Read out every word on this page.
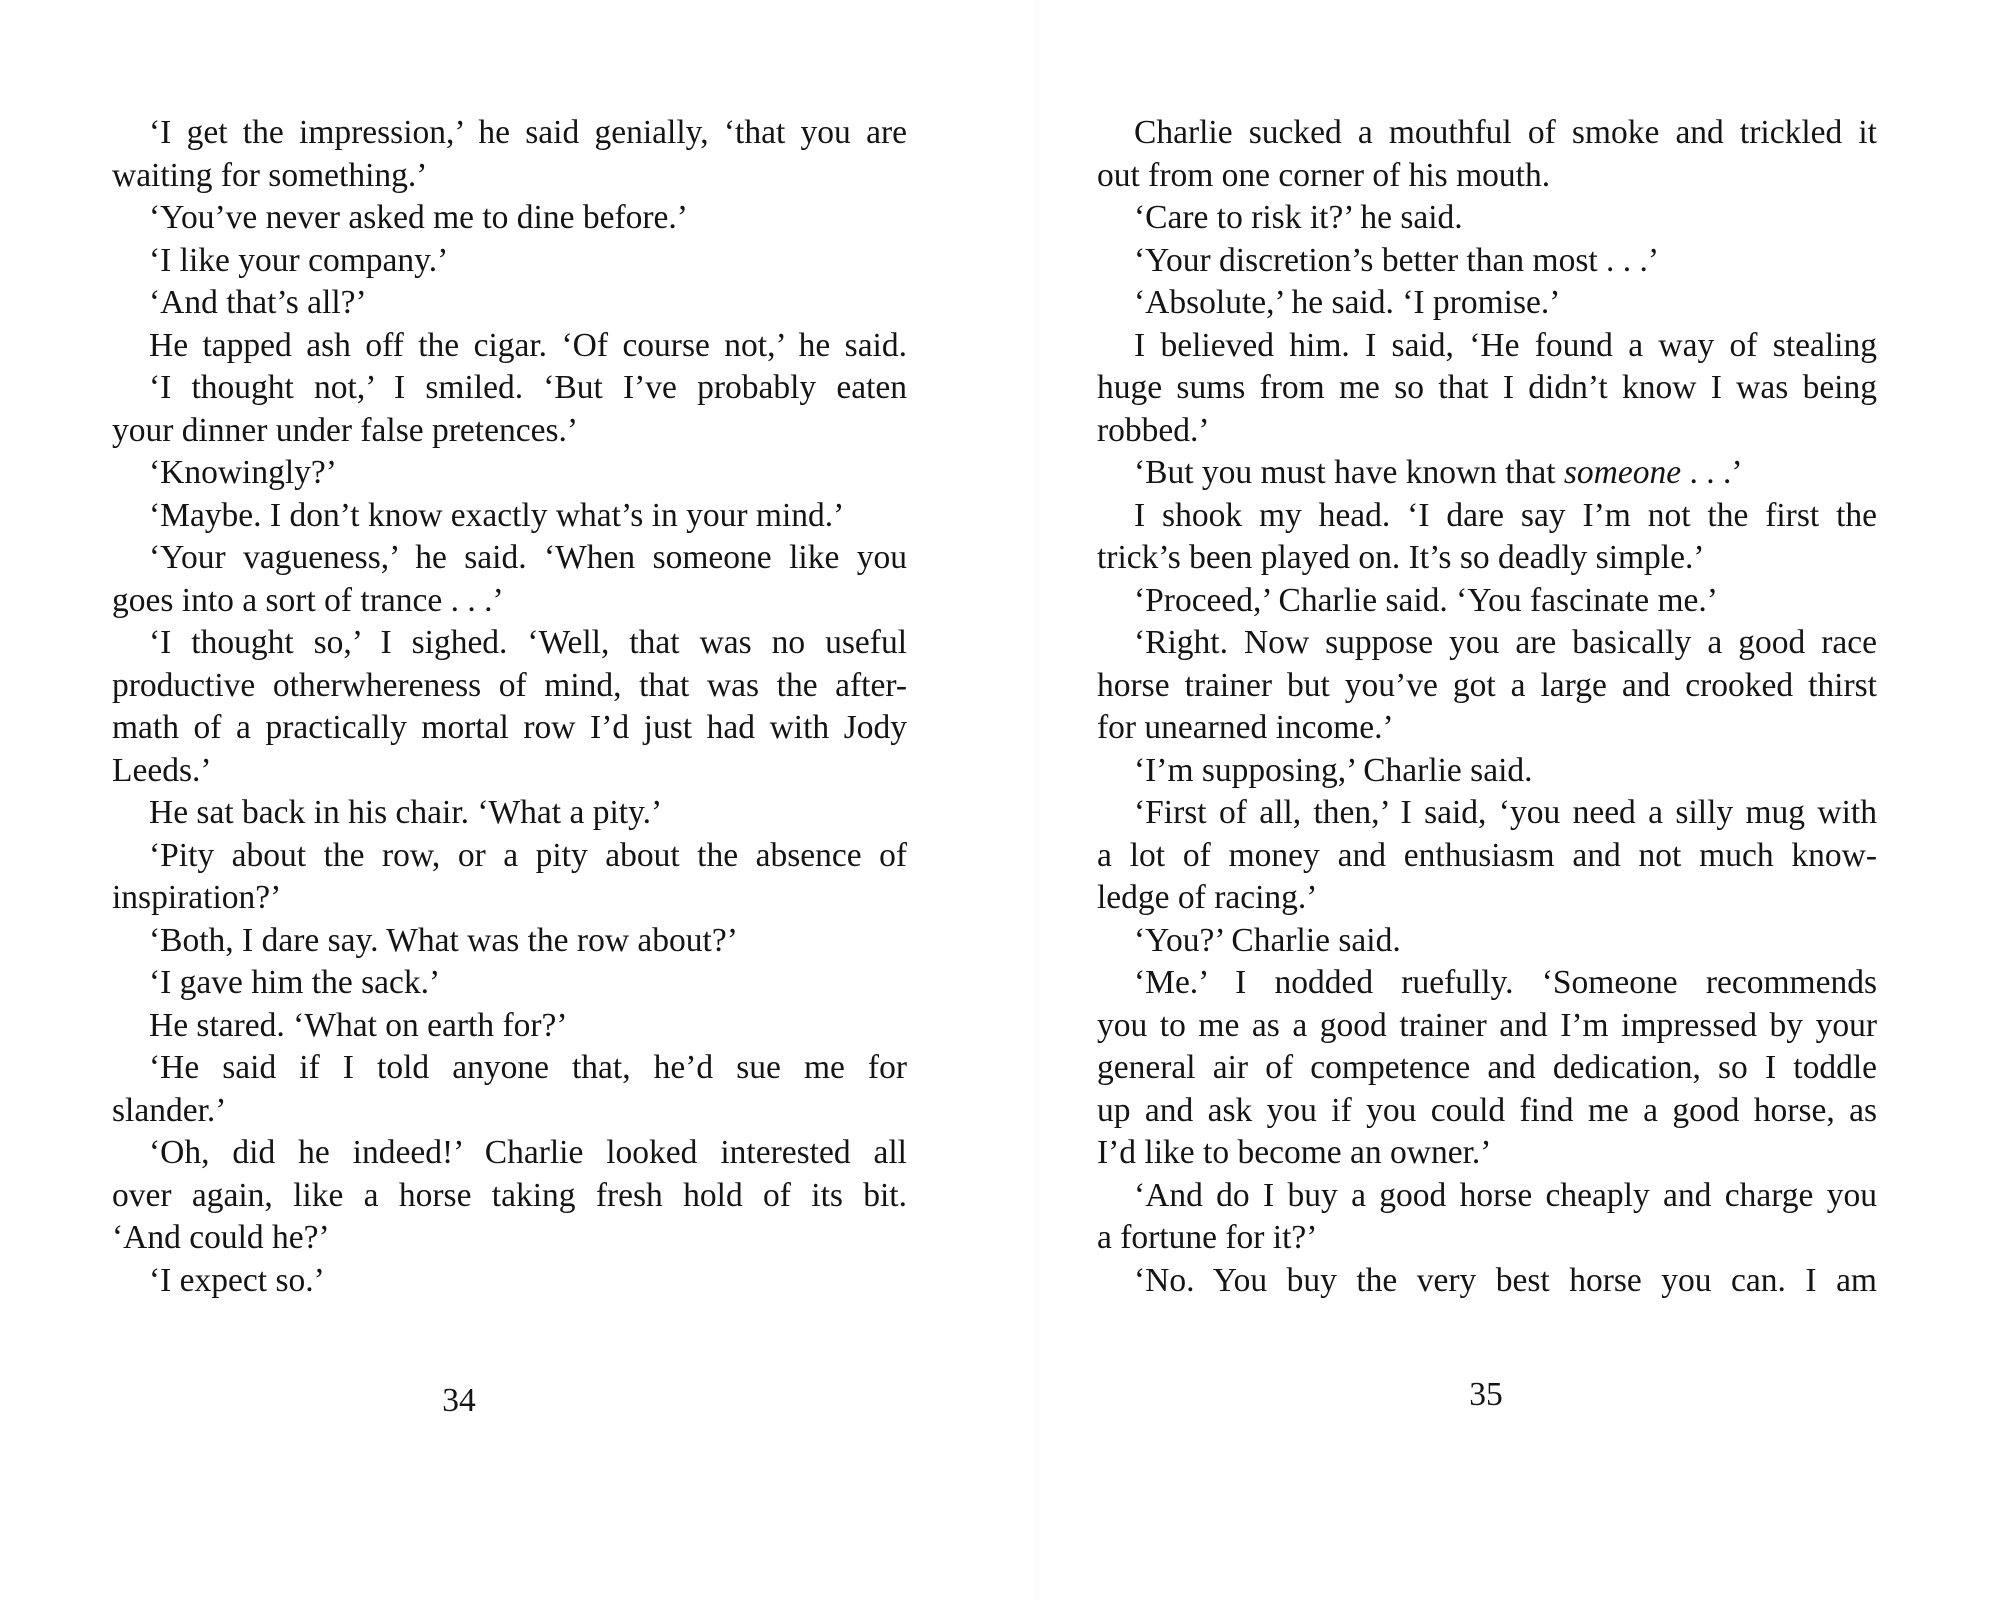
‘I get the impression,’ he said genially, ‘that you are
waiting for something.’
‘You’ve never asked me to dine before.’
‘I like your company.’
‘And that’s all?’
He tapped ash off the cigar. ‘Of course not,’ he said.
‘I thought not,’ I smiled. ‘But I’ve probably eaten
your dinner under false pretences.’
‘Knowingly?’
‘Maybe. I don’t know exactly what’s in your mind.’
‘Your vagueness,’ he said. ‘When someone like you
goes into a sort of trance . . .’
‘I thought so,’ I sighed. ‘Well, that was no useful
productive otherwhereness of mind, that was the after-
math of a practically mortal row I’d just had with Jody
Leeds.’
He sat back in his chair. ‘What a pity.’
‘Pity about the row, or a pity about the absence of
inspiration?’
‘Both, I dare say. What was the row about?’
‘I gave him the sack.’
He stared. ‘What on earth for?’
‘He said if I told anyone that, he’d sue me for
slander.’
‘Oh, did he indeed!’ Charlie looked interested all
over again, like a horse taking fresh hold of its bit.
‘And could he?’
‘I expect so.’
34
Charlie sucked a mouthful of smoke and trickled it
out from one corner of his mouth.
‘Care to risk it?’ he said.
‘Your discretion’s better than most . . .’
‘Absolute,’ he said. ‘I promise.’
I believed him. I said, ‘He found a way of stealing
huge sums from me so that I didn’t know I was being
robbed.’
‘But you must have known that someone . . .’
I shook my head. ‘I dare say I’m not the first the
trick’s been played on. It’s so deadly simple.’
‘Proceed,’ Charlie said. ‘You fascinate me.’
‘Right. Now suppose you are basically a good race
horse trainer but you’ve got a large and crooked thirst
for unearned income.’
‘I’m supposing,’ Charlie said.
‘First of all, then,’ I said, ‘you need a silly mug with
a lot of money and enthusiasm and not much know-
ledge of racing.’
‘You?’ Charlie said.
‘Me.’ I nodded ruefully. ‘Someone recommends
you to me as a good trainer and I’m impressed by your
general air of competence and dedication, so I toddle
up and ask you if you could find me a good horse, as
I’d like to become an owner.’
‘And do I buy a good horse cheaply and charge you
a fortune for it?’
‘No. You buy the very best horse you can. I am
35
